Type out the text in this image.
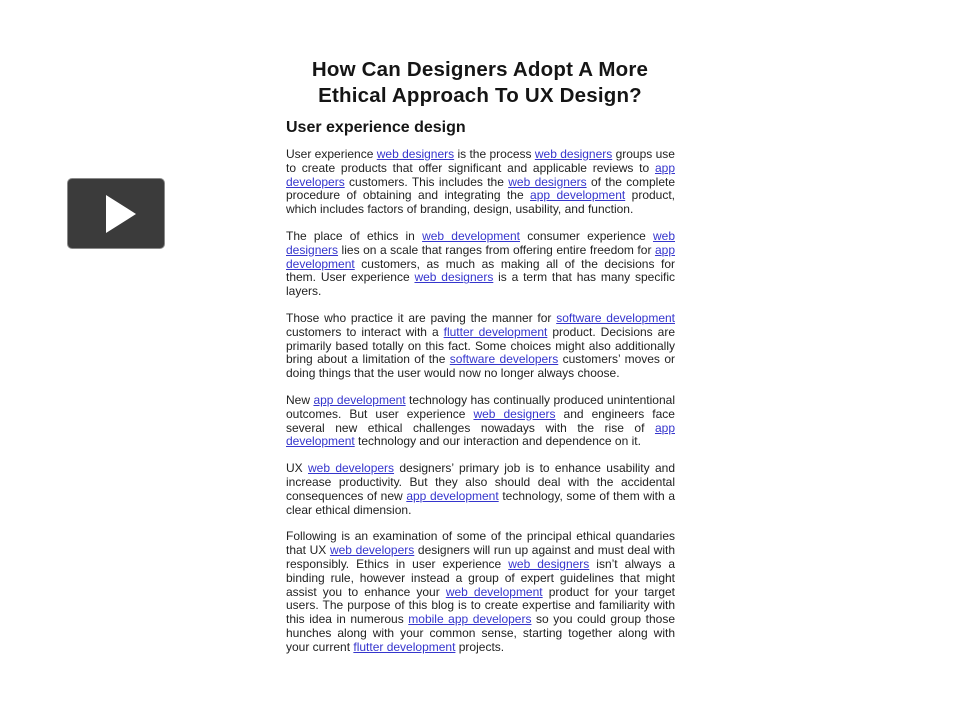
How Can Designers Adopt A More
Ethical Approach To UX Design?
User experience design

User experience web designers is the process web designers groups use to create products that offer significant and applicable reviews to app developers customers. This includes the web designers of the complete procedure of obtaining and integrating the app development product, which includes factors of branding, design, usability, and function.

The place of ethics in web development consumer experience web designers lies on a scale that ranges from offering entire freedom for app development customers, as much as making all of the decisions for them. User experience web designers is a term that has many specific layers.

Those who practice it are paving the manner for software development customers to interact with a flutter development product. Decisions are primarily based totally on this fact. Some choices might also additionally bring about a limitation of the software developers customers’ moves or doing things that the user would now no longer always choose.

New app development technology has continually produced unintentional outcomes. But user experience web designers and engineers face several new ethical challenges nowadays with the rise of app development technology and our interaction and dependence on it.

UX web developers designers’ primary job is to enhance usability and increase productivity. But they also should deal with the accidental consequences of new app development technology, some of them with a clear ethical dimension.

Following is an examination of some of the principal ethical quandaries that UX web developers designers will run up against and must deal with responsibly. Ethics in user experience web designers isn’t always a binding rule, however instead a group of expert guidelines that might assist you to enhance your web development product for your target users. The purpose of this blog is to create expertise and familiarity with this idea in numerous mobile app developers so you could group those hunches along with your common sense, starting together along with your current flutter development projects.
